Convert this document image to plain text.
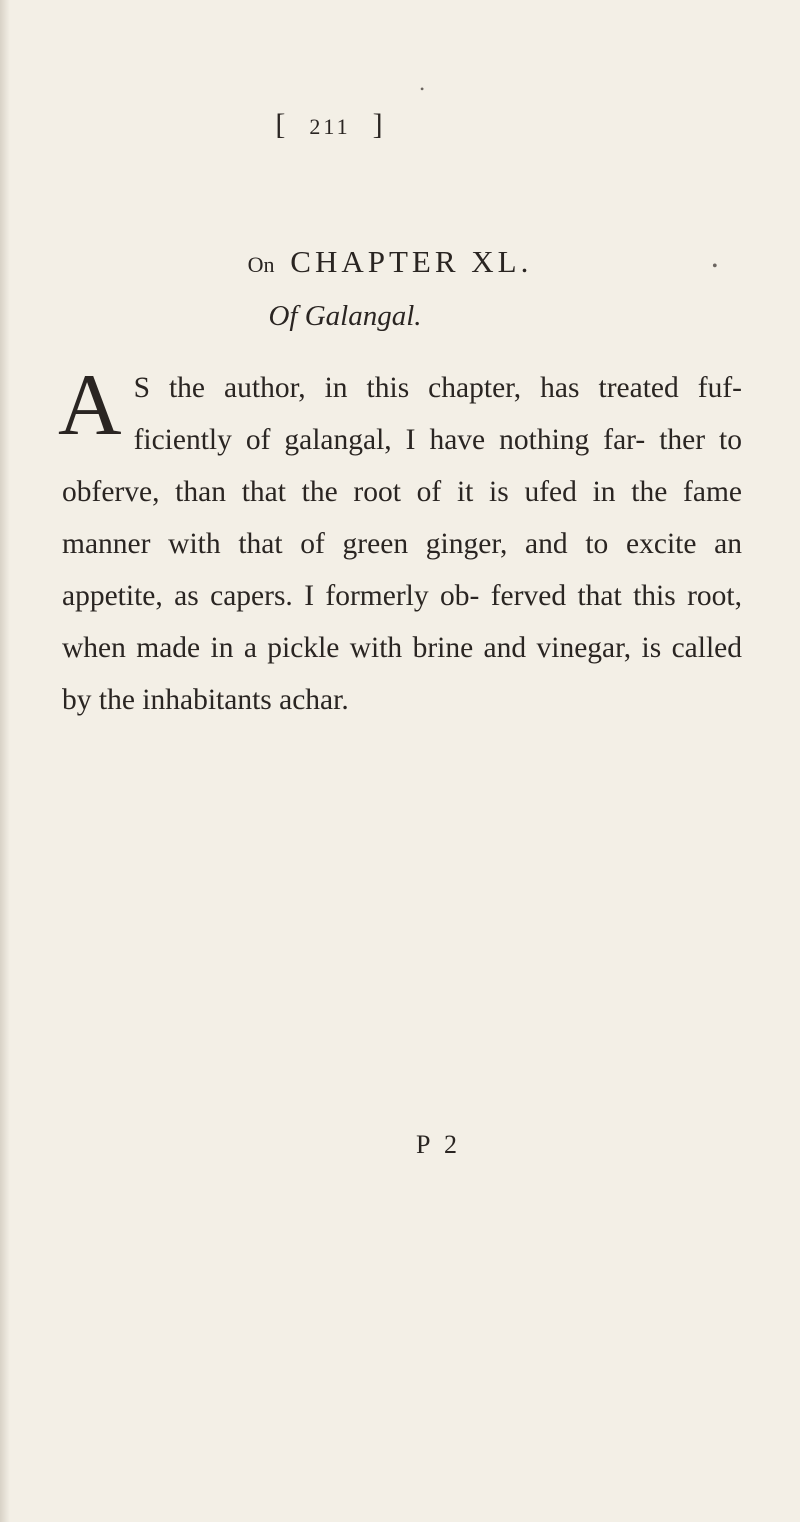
[ 211 ]
On CHAPTER XL.
Of Galangal.
A S the author, in this chapter, has treated fuf- ficiently of galangal, I have nothing far- ther to obferve, than that the root of it is ufed in the fame manner with that of green ginger, and to excite an appetite, as capers. I formerly ob- ferved that this root, when made in a pickle with brine and vinegar, is called by the inhabitants achar.
P 2
•
•
